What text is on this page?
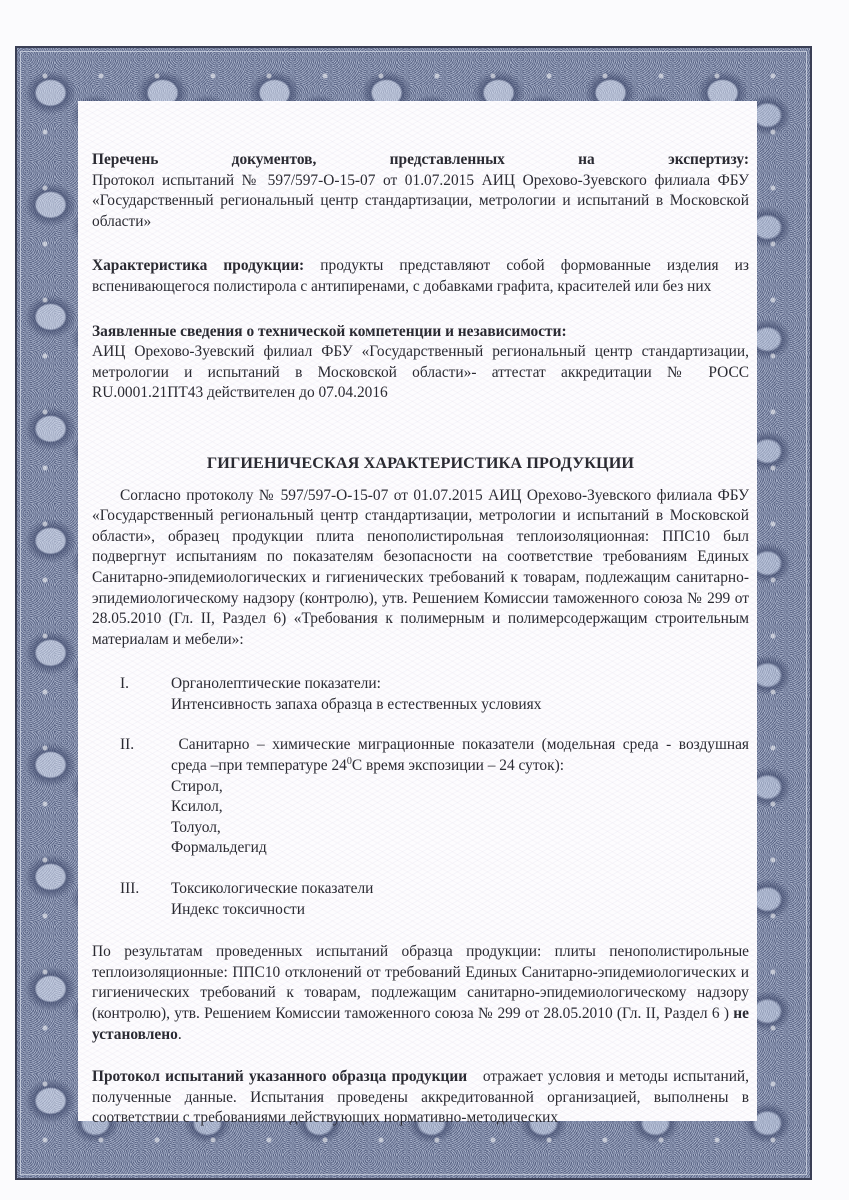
Перечень документов, представленных на экспертизу:

Протокол испытаний № 597/597-О-15-07 от 01.07.2015 АИЦ Орехово-Зуевского филиала ФБУ «Государственный региональный центр стандартизации, метрологии и испытаний в Московской области»

Характеристика продукции: продукты представляют собой формованные изделия из вспенивающегося полистирола с антипиренами, с добавками графита, красителей или без них

Заявленные сведения о технической компетенции и независимости:

АИЦ Орехово-Зуевский филиал ФБУ «Государственный региональный центр стандартизации, метрологии и испытаний в Московской области»- аттестат аккредитации № РОСС RU.0001.21ПТ43 действителен до 07.04.2016

ГИГИЕНИЧЕСКАЯ ХАРАКТЕРИСТИКА ПРОДУКЦИИ

Согласно протоколу № 597/597-О-15-07 от 01.07.2015 АИЦ Орехово-Зуевского филиала ФБУ «Государственный региональный центр стандартизации, метрологии и испытаний в Московской области», образец продукции плита пенополистирольная теплоизоляционная: ППС10 был подвергнут испытаниям по показателям безопасности на соответствие требованиям Единых Санитарно-эпидемиологических и гигиенических требований к товарам, подлежащим санитарно-эпидемиологическому надзору (контролю), утв. Решением Комиссии таможенного союза № 299 от 28.05.2010 (Гл. II, Раздел 6) «Требования к полимерным и полимерсодержащим строительным материалам и мебели»:

I.	Органолептические показатели:
Интенсивность запаха образца в естественных условиях
II.	Санитарно – химические миграционные показатели (модельная среда - воздушная среда –при температуре $24^0С$ время экспозиции – 24 суток):
Стирол,
Ксилол,
Толуол,
Формальдегид
III.	Токсикологические показатели
Индекс токсичности

По результатам проведенных испытаний образца продукции: плиты пенополистирольные теплоизоляционные: ППС10 отклонений от требований Единых Санитарно-эпидемиологических и гигиенических требований к товарам, подлежащим санитарно-эпидемиологическому надзору (контролю), утв. Решением Комиссии таможенного союза № 299 от 28.05.2010 (Гл. II, Раздел 6 ) не установлено.

Протокол испытаний указанного образца продукции отражает условия и методы испытаний, полученные данные. Испытания проведены аккредитованной организацией, выполнены в соответствии с требованиями действующих нормативно-методических
